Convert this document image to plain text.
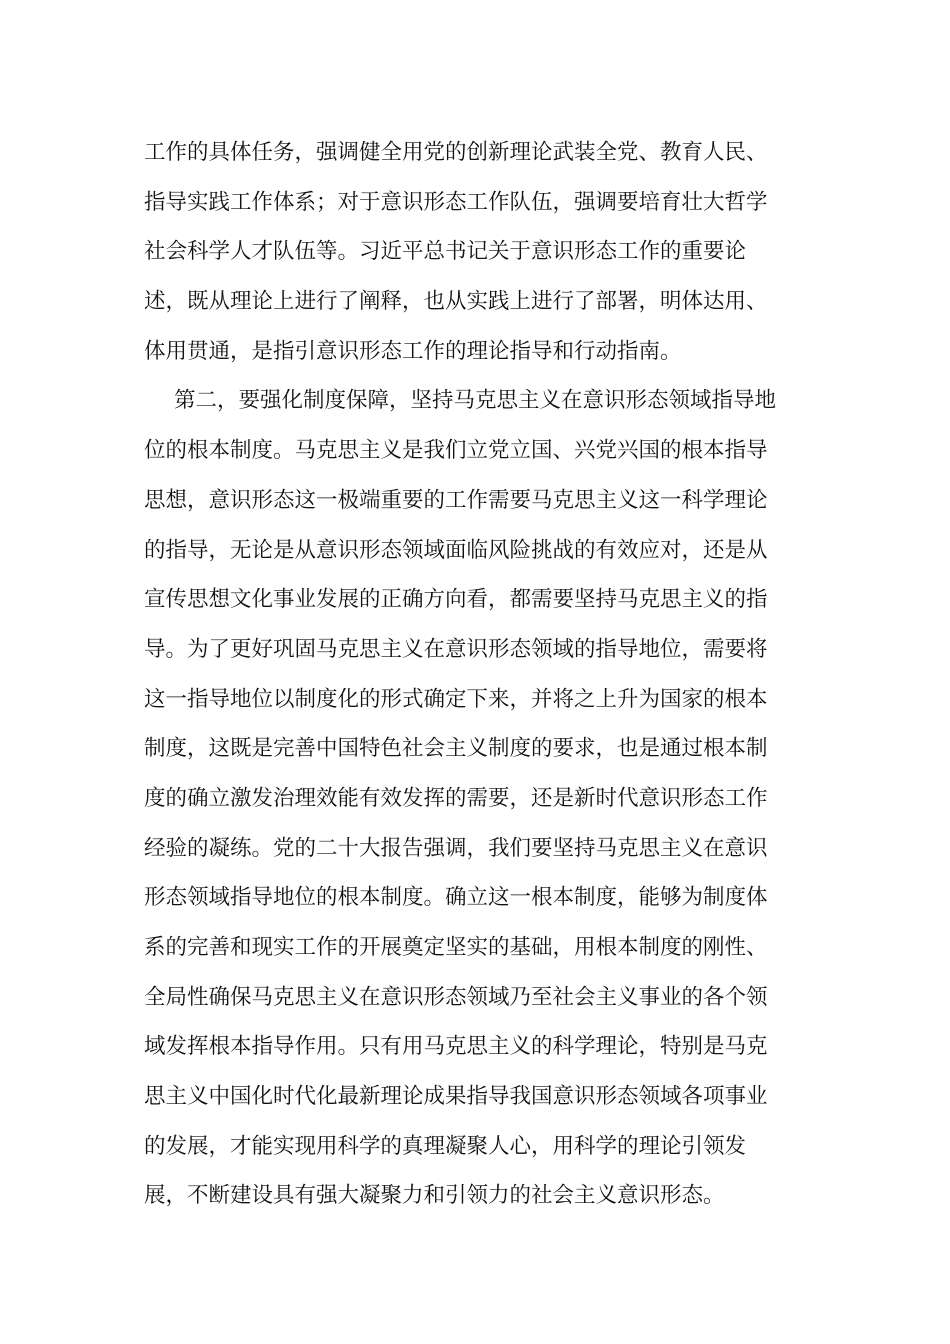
工作的具体任务，强调健全用党的创新理论武装全党、教育人民、
指导实践工作体系；对于意识形态工作队伍，强调要培育壮大哲学
社会科学人才队伍等。习近平总书记关于意识形态工作的重要论
述，既从理论上进行了阐释，也从实践上进行了部署，明体达用、
体用贯通，是指引意识形态工作的理论指导和行动指南。
第二，要强化制度保障，坚持马克思主义在意识形态领域指导地
位的根本制度。马克思主义是我们立党立国、兴党兴国的根本指导
思想，意识形态这一极端重要的工作需要马克思主义这一科学理论
的指导，无论是从意识形态领域面临风险挑战的有效应对，还是从
宣传思想文化事业发展的正确方向看，都需要坚持马克思主义的指
导。为了更好巩固马克思主义在意识形态领域的指导地位，需要将
这一指导地位以制度化的形式确定下来，并将之上升为国家的根本
制度，这既是完善中国特色社会主义制度的要求，也是通过根本制
度的确立激发治理效能有效发挥的需要，还是新时代意识形态工作
经验的凝练。党的二十大报告强调，我们要坚持马克思主义在意识
形态领域指导地位的根本制度。确立这一根本制度，能够为制度体
系的完善和现实工作的开展奠定坚实的基础，用根本制度的刚性、
全局性确保马克思主义在意识形态领域乃至社会主义事业的各个领
域发挥根本指导作用。只有用马克思主义的科学理论，特别是马克
思主义中国化时代化最新理论成果指导我国意识形态领域各项事业
的发展，才能实现用科学的真理凝聚人心，用科学的理论引领发
展，不断建设具有强大凝聚力和引领力的社会主义意识形态。
